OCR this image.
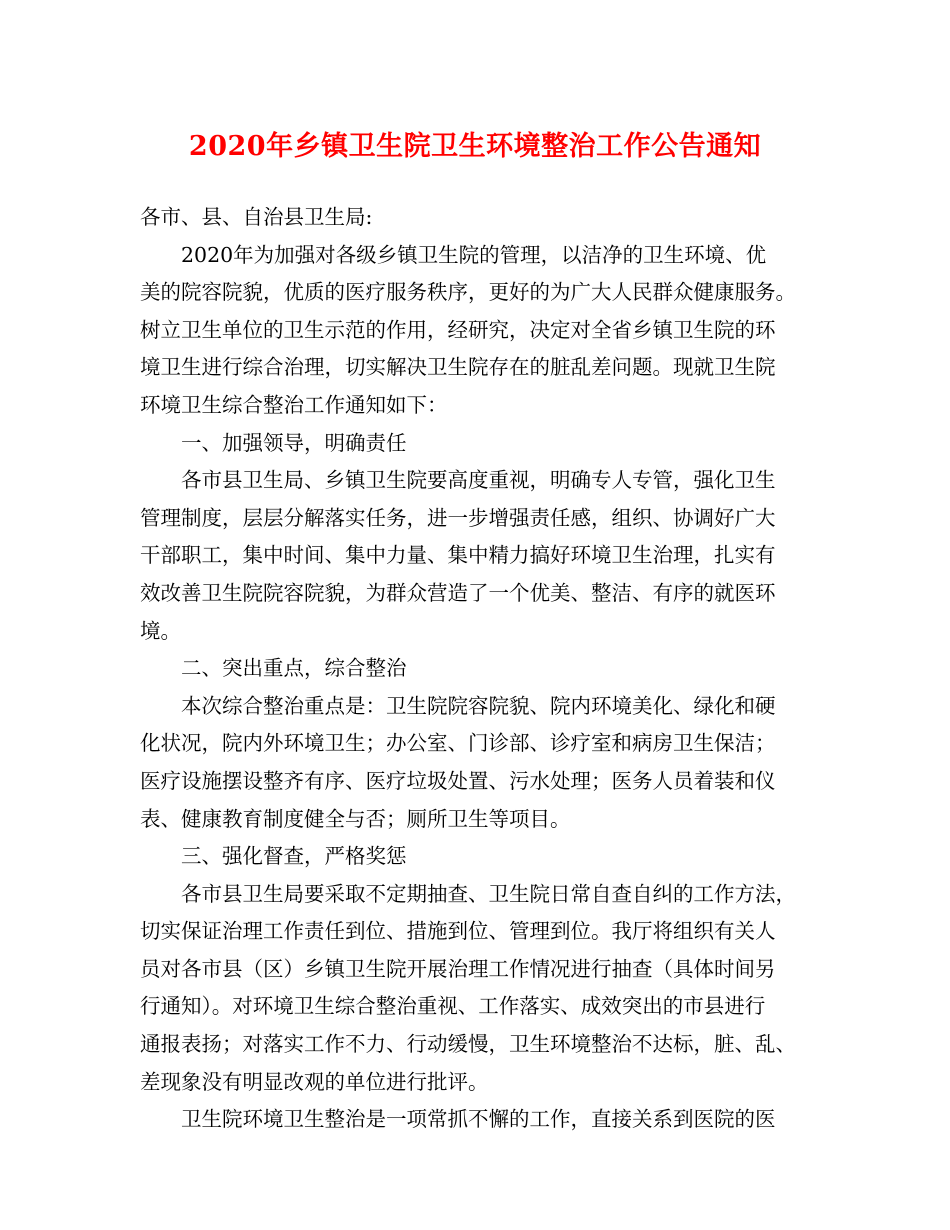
2020年乡镇卫生院卫生环境整治工作公告通知
各市、县、自治县卫生局:
2020年为加强对各级乡镇卫生院的管理，以洁净的卫生环境、优
美的院容院貌，优质的医疗服务秩序，更好的为广大人民群众健康服务。
树立卫生单位的卫生示范的作用，经研究，决定对全省乡镇卫生院的环
境卫生进行综合治理，切实解决卫生院存在的脏乱差问题。现就卫生院
环境卫生综合整治工作通知如下：
一、加强领导，明确责任
各市县卫生局、乡镇卫生院要高度重视，明确专人专管，强化卫生
管理制度，层层分解落实任务，进一步增强责任感，组织、协调好广大
干部职工，集中时间、集中力量、集中精力搞好环境卫生治理，扎实有
效改善卫生院院容院貌，为群众营造了一个优美、整洁、有序的就医环
境。
二、突出重点，综合整治
本次综合整治重点是：卫生院院容院貌、院内环境美化、绿化和硬
化状况，院内外环境卫生；办公室、门诊部、诊疗室和病房卫生保洁；
医疗设施摆设整齐有序、医疗垃圾处置、污水处理；医务人员着装和仪
表、健康教育制度健全与否；厕所卫生等项目。
三、强化督查，严格奖惩
各市县卫生局要采取不定期抽查、卫生院日常自查自纠的工作方法，
切实保证治理工作责任到位、措施到位、管理到位。我厅将组织有关人
员对各市县（区）乡镇卫生院开展治理工作情况进行抽查（具体时间另
行通知）。对环境卫生综合整治重视、工作落实、成效突出的市县进行
通报表扬；对落实工作不力、行动缓慢，卫生环境整治不达标，脏、乱、
差现象没有明显改观的单位进行批评。
卫生院环境卫生整治是一项常抓不懈的工作，直接关系到医院的医
